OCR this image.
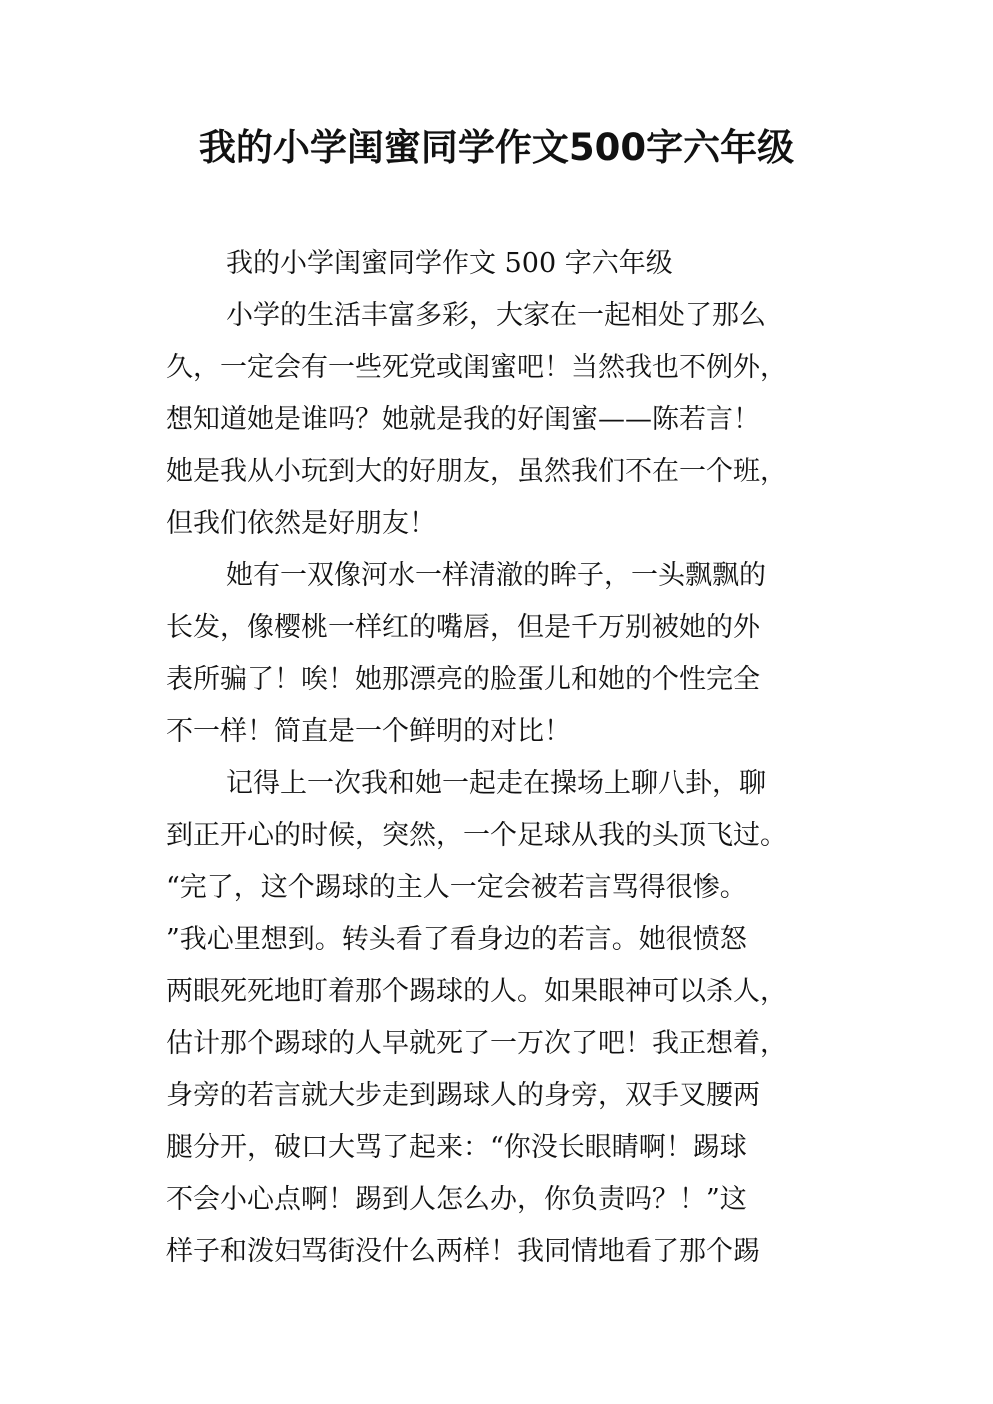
我的小学闺蜜同学作文500字六年级
我的小学闺蜜同学作文 500 字六年级
小学的生活丰富多彩，大家在一起相处了那么
久，一定会有一些死党或闺蜜吧！当然我也不例外，
想知道她是谁吗？她就是我的好闺蜜——陈若言！
她是我从小玩到大的好朋友，虽然我们不在一个班，
但我们依然是好朋友！
她有一双像河水一样清澈的眸子，一头飘飘的
长发，像樱桃一样红的嘴唇，但是千万别被她的外
表所骗了！唉！她那漂亮的脸蛋儿和她的个性完全
不一样！简直是一个鲜明的对比！
记得上一次我和她一起走在操场上聊八卦，聊
到正开心的时候，突然，一个足球从我的头顶飞过。
“完了，这个踢球的主人一定会被若言骂得很惨。
”我心里想到。转头看了看身边的若言。她很愤怒
两眼死死地盯着那个踢球的人。如果眼神可以杀人，
估计那个踢球的人早就死了一万次了吧！我正想着，
身旁的若言就大步走到踢球人的身旁，双手叉腰两
腿分开，破口大骂了起来：“你没长眼睛啊！踢球
不会小心点啊！踢到人怎么办，你负责吗？！”这
样子和泼妇骂街没什么两样！我同情地看了那个踢
